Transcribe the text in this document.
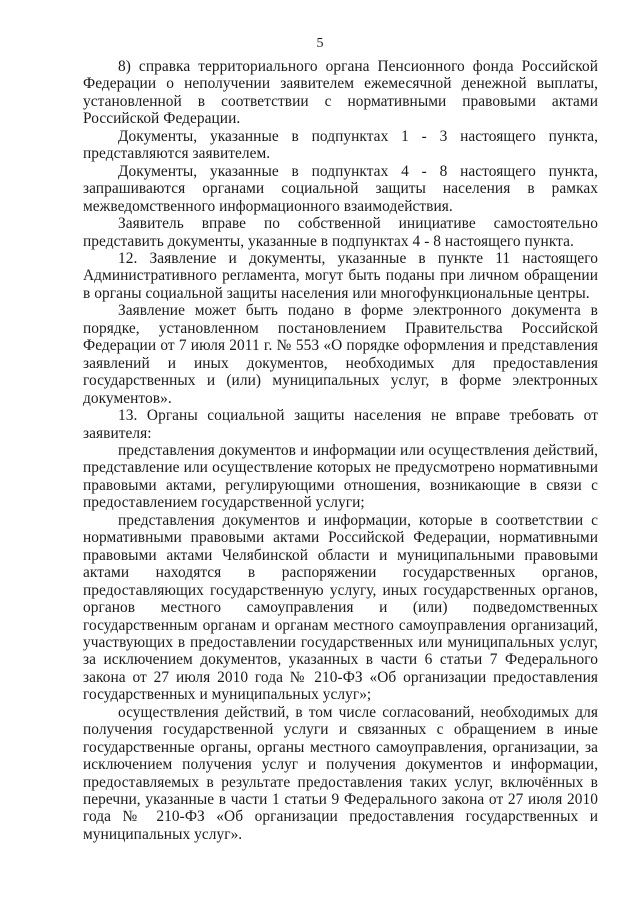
5

8) справка территориального органа Пенсионного фонда Российской Федерации о неполучении заявителем ежемесячной денежной выплаты, установленной в соответствии с нормативными правовыми актами Российской Федерации.

Документы, указанные в подпунктах 1 - 3 настоящего пункта, представляются заявителем.

Документы, указанные в подпунктах 4 - 8 настоящего пункта, запрашиваются органами социальной защиты населения в рамках межведомственного информационного взаимодействия.

Заявитель вправе по собственной инициативе самостоятельно представить документы, указанные в подпунктах 4 - 8 настоящего пункта.

12. Заявление и документы, указанные в пункте 11 настоящего Административного регламента, могут быть поданы при личном обращении в органы социальной защиты населения или многофункциональные центры.

Заявление может быть подано в форме электронного документа в порядке, установленном постановлением Правительства Российской Федерации от 7 июля 2011 г. № 553 «О порядке оформления и представления заявлений и иных документов, необходимых для предоставления государственных и (или) муниципальных услуг, в форме электронных документов».

13. Органы социальной защиты населения не вправе требовать от заявителя:

представления документов и информации или осуществления действий, представление или осуществление которых не предусмотрено нормативными правовыми актами, регулирующими отношения, возникающие в связи с предоставлением государственной услуги;

представления документов и информации, которые в соответствии с нормативными правовыми актами Российской Федерации, нормативными правовыми актами Челябинской области и муниципальными правовыми актами находятся в распоряжении государственных органов, предоставляющих государственную услугу, иных государственных органов, органов местного самоуправления и (или) подведомственных государственным органам и органам местного самоуправления организаций, участвующих в предоставлении государственных или муниципальных услуг, за исключением документов, указанных в части 6 статьи 7 Федерального закона от 27 июля 2010 года № 210-ФЗ «Об организации предоставления государственных и муниципальных услуг»;

осуществления действий, в том числе согласований, необходимых для получения государственной услуги и связанных с обращением в иные государственные органы, органы местного самоуправления, организации, за исключением получения услуг и получения документов и информации, предоставляемых в результате предоставления таких услуг, включённых в перечни, указанные в части 1 статьи 9 Федерального закона от 27 июля 2010 года № 210-ФЗ «Об организации предоставления государственных и муниципальных услуг».
